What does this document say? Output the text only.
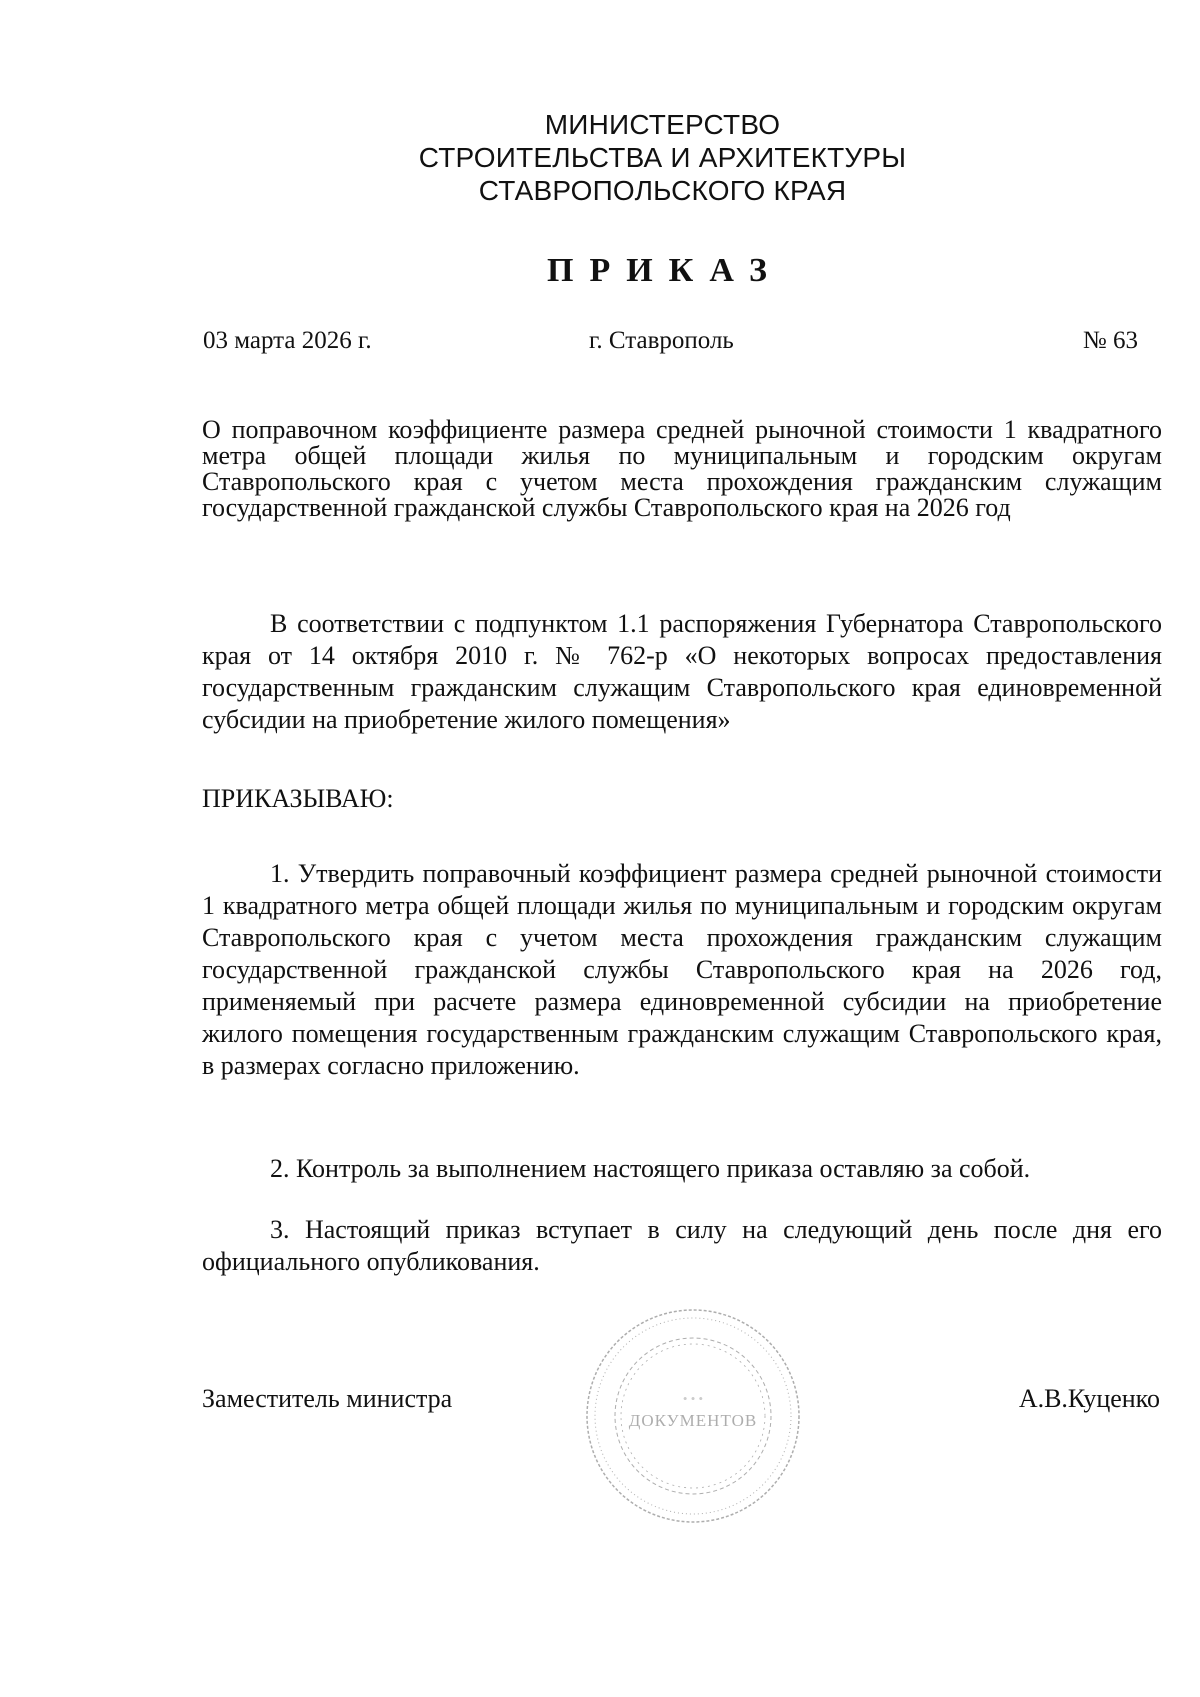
МИНИСТЕРСТВО
СТРОИТЕЛЬСТВА И АРХИТЕКТУРЫ
СТАВРОПОЛЬСКОГО КРАЯ
ПРИКАЗ
03 марта 2026 г.	г. Ставрополь	№ 63
О поправочном коэффициенте размера средней рыночной стоимости 1 квадратного метра общей площади жилья по муниципальным и городским округам Ставропольского края с учетом места прохождения гражданским служащим государственной гражданской службы Ставропольского края на 2026 год
В соответствии с подпунктом 1.1 распоряжения Губернатора Ставропольского края от 14 октября 2010 г. № 762-р «О некоторых вопросах предоставления государственным гражданским служащим Ставропольского края единовременной субсидии на приобретение жилого помещения»
ПРИКАЗЫВАЮ:
1. Утвердить поправочный коэффициент размера средней рыночной стоимости 1 квадратного метра общей площади жилья по муниципальным и городским округам Ставропольского края с учетом места прохождения гражданским служащим государственной гражданской службы Ставропольского края на 2026 год, применяемый при расчете размера единовременной субсидии на приобретение жилого помещения государственным гражданским служащим Ставропольского края, в размерах согласно приложению.
2. Контроль за выполнением настоящего приказа оставляю за собой.
3. Настоящий приказ вступает в силу на следующий день после дня его официального опубликования.
Заместитель министра	А.В.Куценко
• • •
ДОКУМЕНТОВ
